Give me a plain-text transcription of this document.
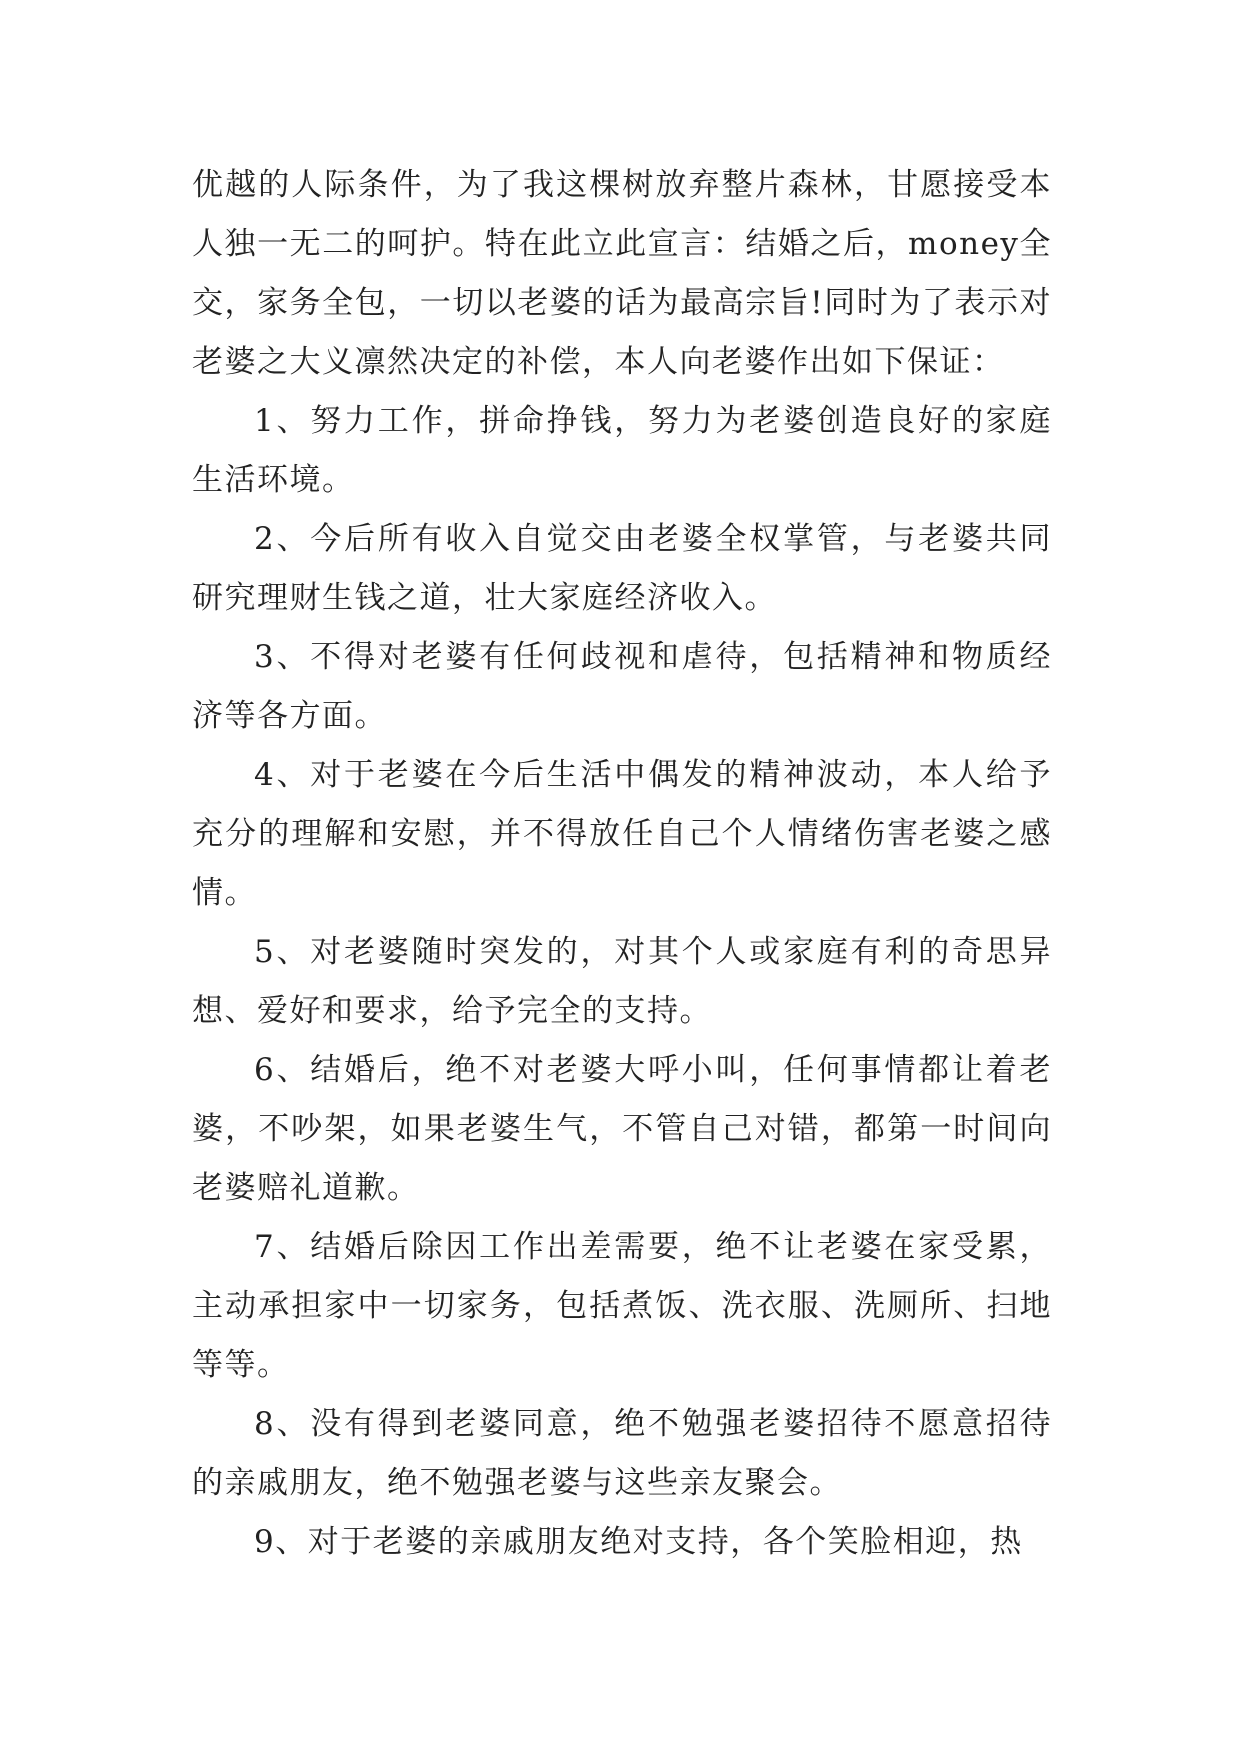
优越的人际条件，为了我这棵树放弃整片森林，甘愿接受本人独一无二的呵护。特在此立此宣言：结婚之后，money全交，家务全包，一切以老婆的话为最高宗旨!同时为了表示对老婆之大义凛然决定的补偿，本人向老婆作出如下保证：

1、努力工作，拼命挣钱，努力为老婆创造良好的家庭生活环境。

2、今后所有收入自觉交由老婆全权掌管，与老婆共同研究理财生钱之道，壮大家庭经济收入。

3、不得对老婆有任何歧视和虐待，包括精神和物质经济等各方面。

4、对于老婆在今后生活中偶发的精神波动，本人给予充分的理解和安慰，并不得放任自己个人情绪伤害老婆之感情。

5、对老婆随时突发的，对其个人或家庭有利的奇思异想、爱好和要求，给予完全的支持。

6、结婚后，绝不对老婆大呼小叫，任何事情都让着老婆，不吵架，如果老婆生气，不管自己对错，都第一时间向老婆赔礼道歉。

7、结婚后除因工作出差需要，绝不让老婆在家受累，主动承担家中一切家务，包括煮饭、洗衣服、洗厕所、扫地等等。

8、没有得到老婆同意，绝不勉强老婆招待不愿意招待的亲戚朋友，绝不勉强老婆与这些亲友聚会。

9、对于老婆的亲戚朋友绝对支持，各个笑脸相迎，热
